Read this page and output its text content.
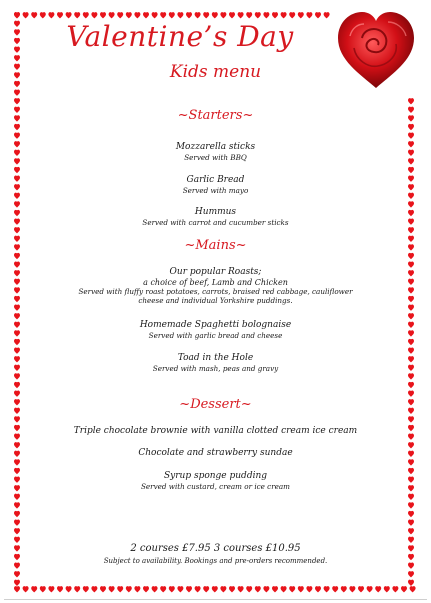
Valentine’s Day
Kids menu
~Starters~
Mozzarella sticks
Served with BBQ
Garlic Bread
Served with mayo
Hummus
Served with carrot and cucumber sticks
~Mains~
Our popular Roasts;
a choice of beef, Lamb and Chicken
Served with fluffy roast potatoes, carrots, braised red cabbage, cauliflower
cheese and individual Yorkshire puddings.
Homemade Spaghetti bolognaise
Served with garlic bread and cheese
Toad in the Hole
Served with mash, peas and gravy
~Dessert~
Triple chocolate brownie with vanilla clotted cream ice cream
Chocolate and strawberry sundae
Syrup sponge pudding
Served with custard, cream or ice cream
2 courses £7.95 3 courses £10.95
Subject to availability. Bookings and pre-orders recommended.
